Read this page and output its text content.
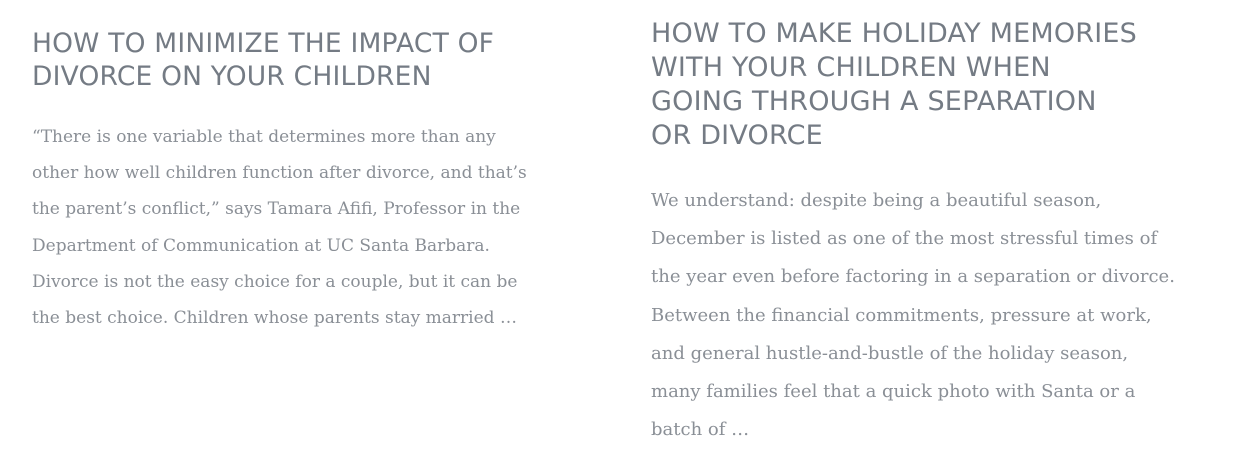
HOW TO MINIMIZE THE IMPACT OF
DIVORCE ON YOUR CHILDREN

“There is one variable that determines more than any
other how well children function after divorce, and that’s
the parent’s conflict,” says Tamara Afifi, Professor in the
Department of Communication at UC Santa Barbara.
Divorce is not the easy choice for a couple, but it can be
the best choice. Children whose parents stay married …

HOW TO MAKE HOLIDAY MEMORIES
WITH YOUR CHILDREN WHEN
GOING THROUGH A SEPARATION
OR DIVORCE

We understand: despite being a beautiful season,
December is listed as one of the most stressful times of
the year even before factoring in a separation or divorce.
Between the financial commitments, pressure at work,
and general hustle-and-bustle of the holiday season,
many families feel that a quick photo with Santa or a
batch of …
